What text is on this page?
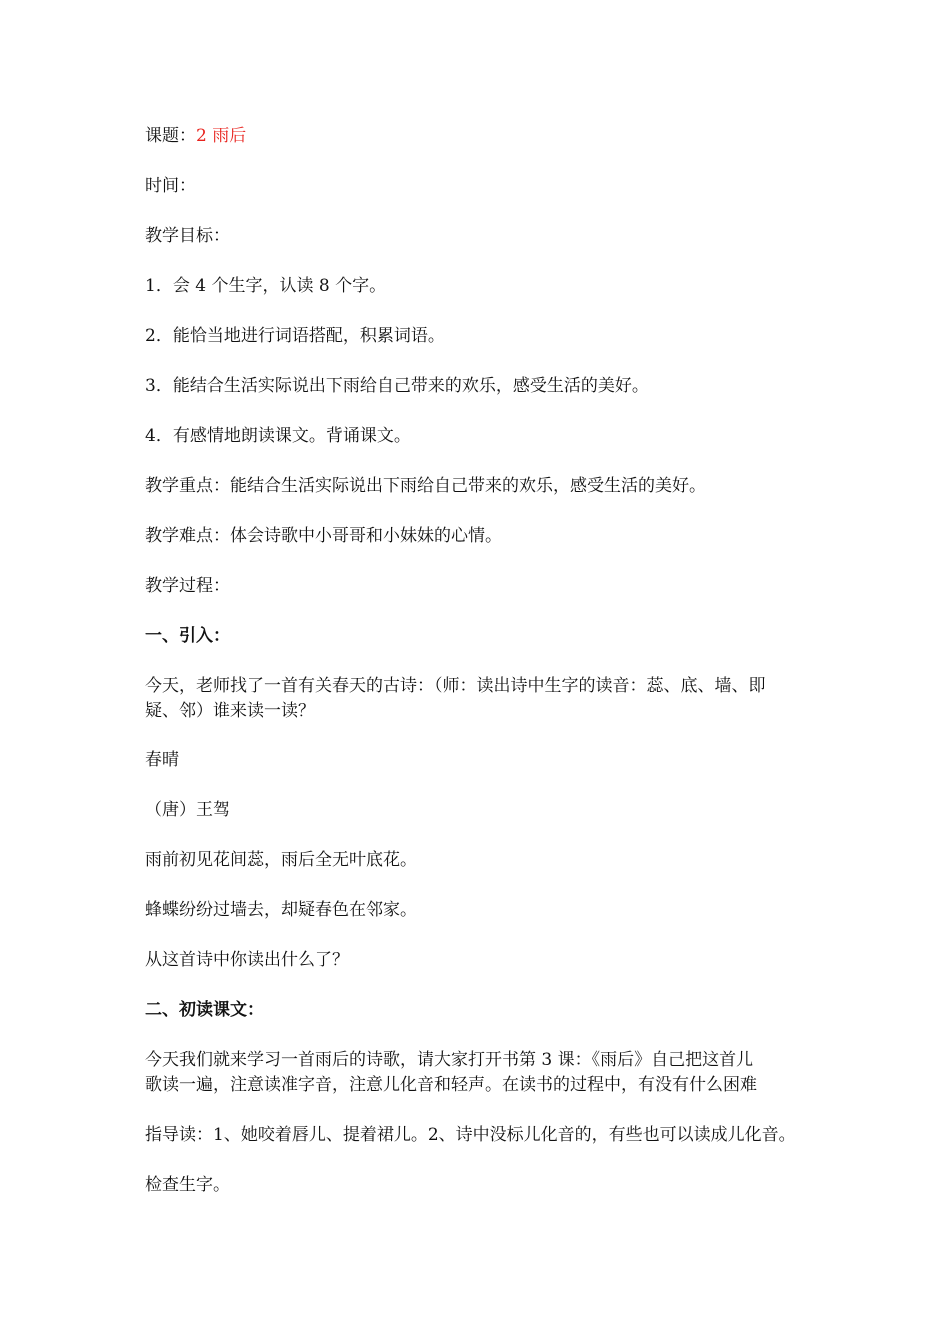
课题：2 雨后
时间：
教学目标：
1．会 4 个生字，认读 8 个字。
2．能恰当地进行词语搭配，积累词语。
3．能结合生活实际说出下雨给自己带来的欢乐，感受生活的美好。
4．有感情地朗读课文。背诵课文。
教学重点：能结合生活实际说出下雨给自己带来的欢乐，感受生活的美好。
教学难点：体会诗歌中小哥哥和小妹妹的心情。
教学过程：
一、引入：
今天，老师找了一首有关春天的古诗：（师：读出诗中生字的读音：蕊、底、墙、即
疑、邻）谁来读一读？
春晴
（唐）王驾
雨前初见花间蕊，雨后全无叶底花。
蜂蝶纷纷过墙去，却疑春色在邻家。
从这首诗中你读出什么了？
二、初读课文：
今天我们就来学习一首雨后的诗歌，请大家打开书第 3 课：《雨后》自己把这首儿
歌读一遍，注意读准字音，注意儿化音和轻声。在读书的过程中，有没有什么困难
指导读：1、她咬着唇儿、提着裙儿。2、诗中没标儿化音的，有些也可以读成儿化音。
检查生字。
